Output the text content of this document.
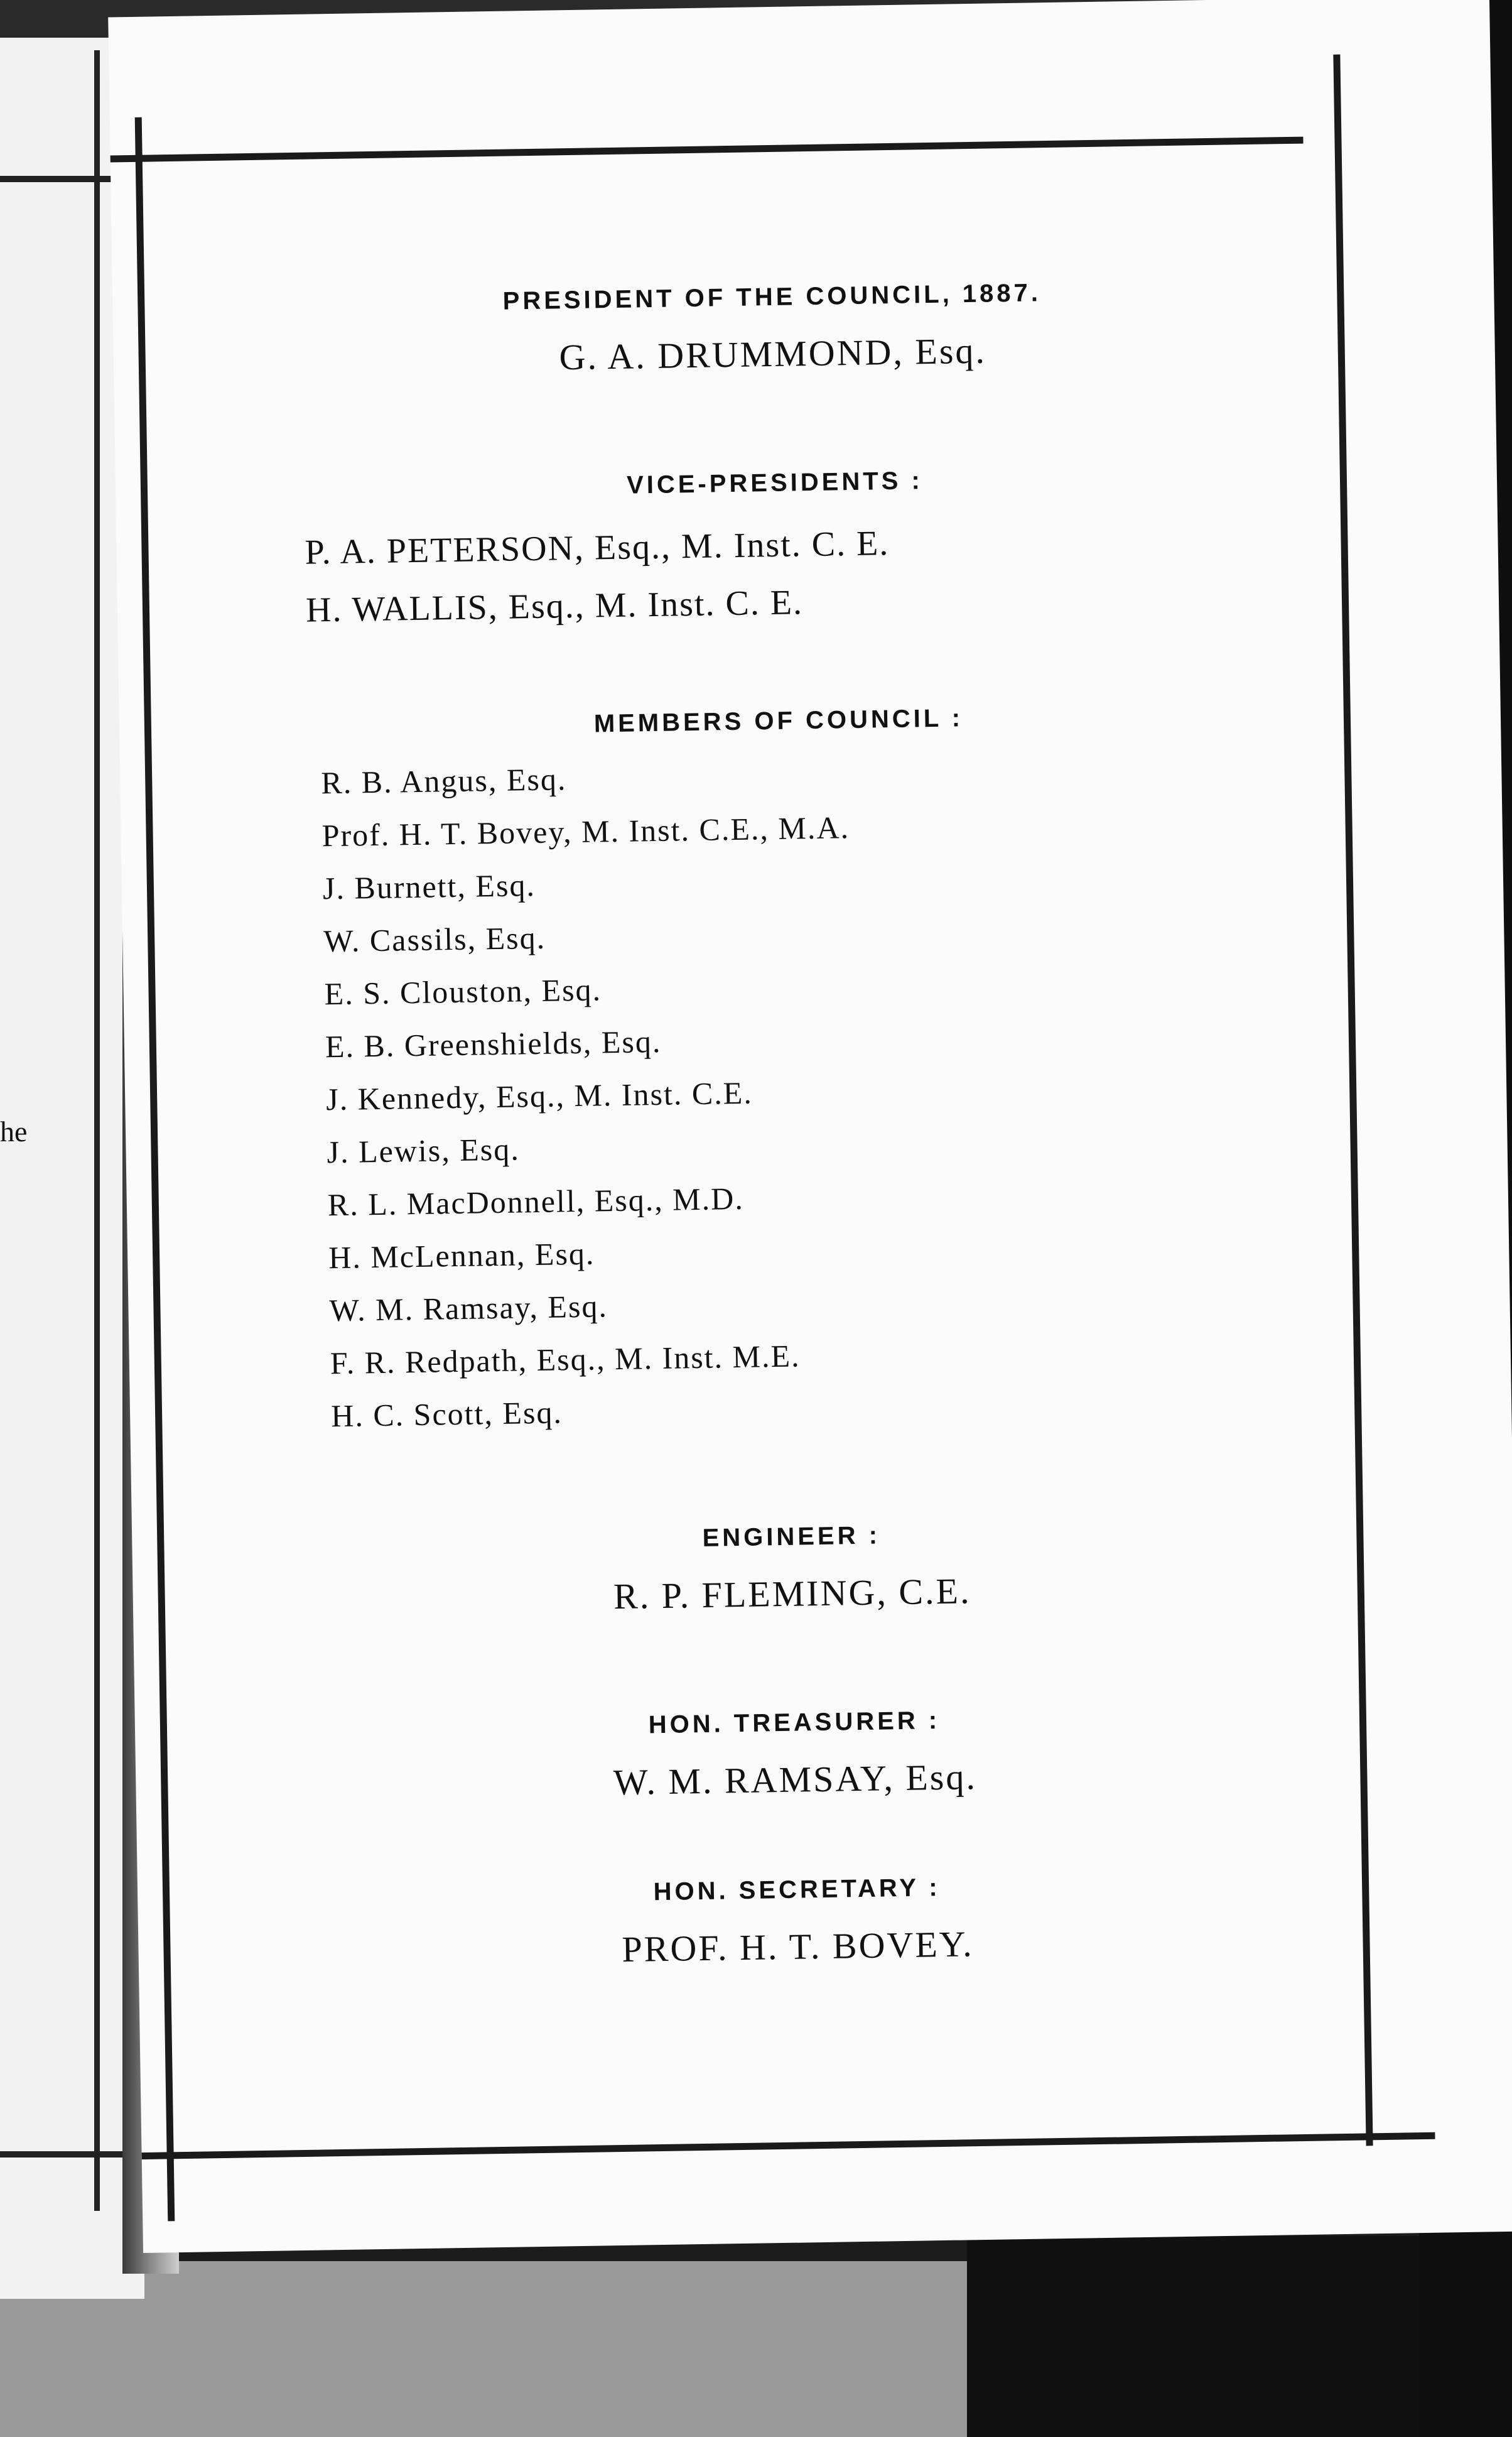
he
PRESIDENT OF THE COUNCIL, 1887.
G. A. DRUMMOND, Esq.
VICE-PRESIDENTS :
P. A. PETERSON, Esq., M. Inst. C. E.
H. WALLIS, Esq., M. Inst. C. E.
MEMBERS OF COUNCIL :
R. B. Angus, Esq.
Prof. H. T. Bovey, M. Inst. C.E., M.A.
J. Burnett, Esq.
W. Cassils, Esq.
E. S. Clouston, Esq.
E. B. Greenshields, Esq.
J. Kennedy, Esq., M. Inst. C.E.
J. Lewis, Esq.
R. L. MacDonnell, Esq., M.D.
H. McLennan, Esq.
W. M. Ramsay, Esq.
F. R. Redpath, Esq., M. Inst. M.E.
H. C. Scott, Esq.
ENGINEER :
R. P. FLEMING, C.E.
HON. TREASURER :
W. M. RAMSAY, Esq.
HON. SECRETARY :
PROF. H. T. BOVEY.
